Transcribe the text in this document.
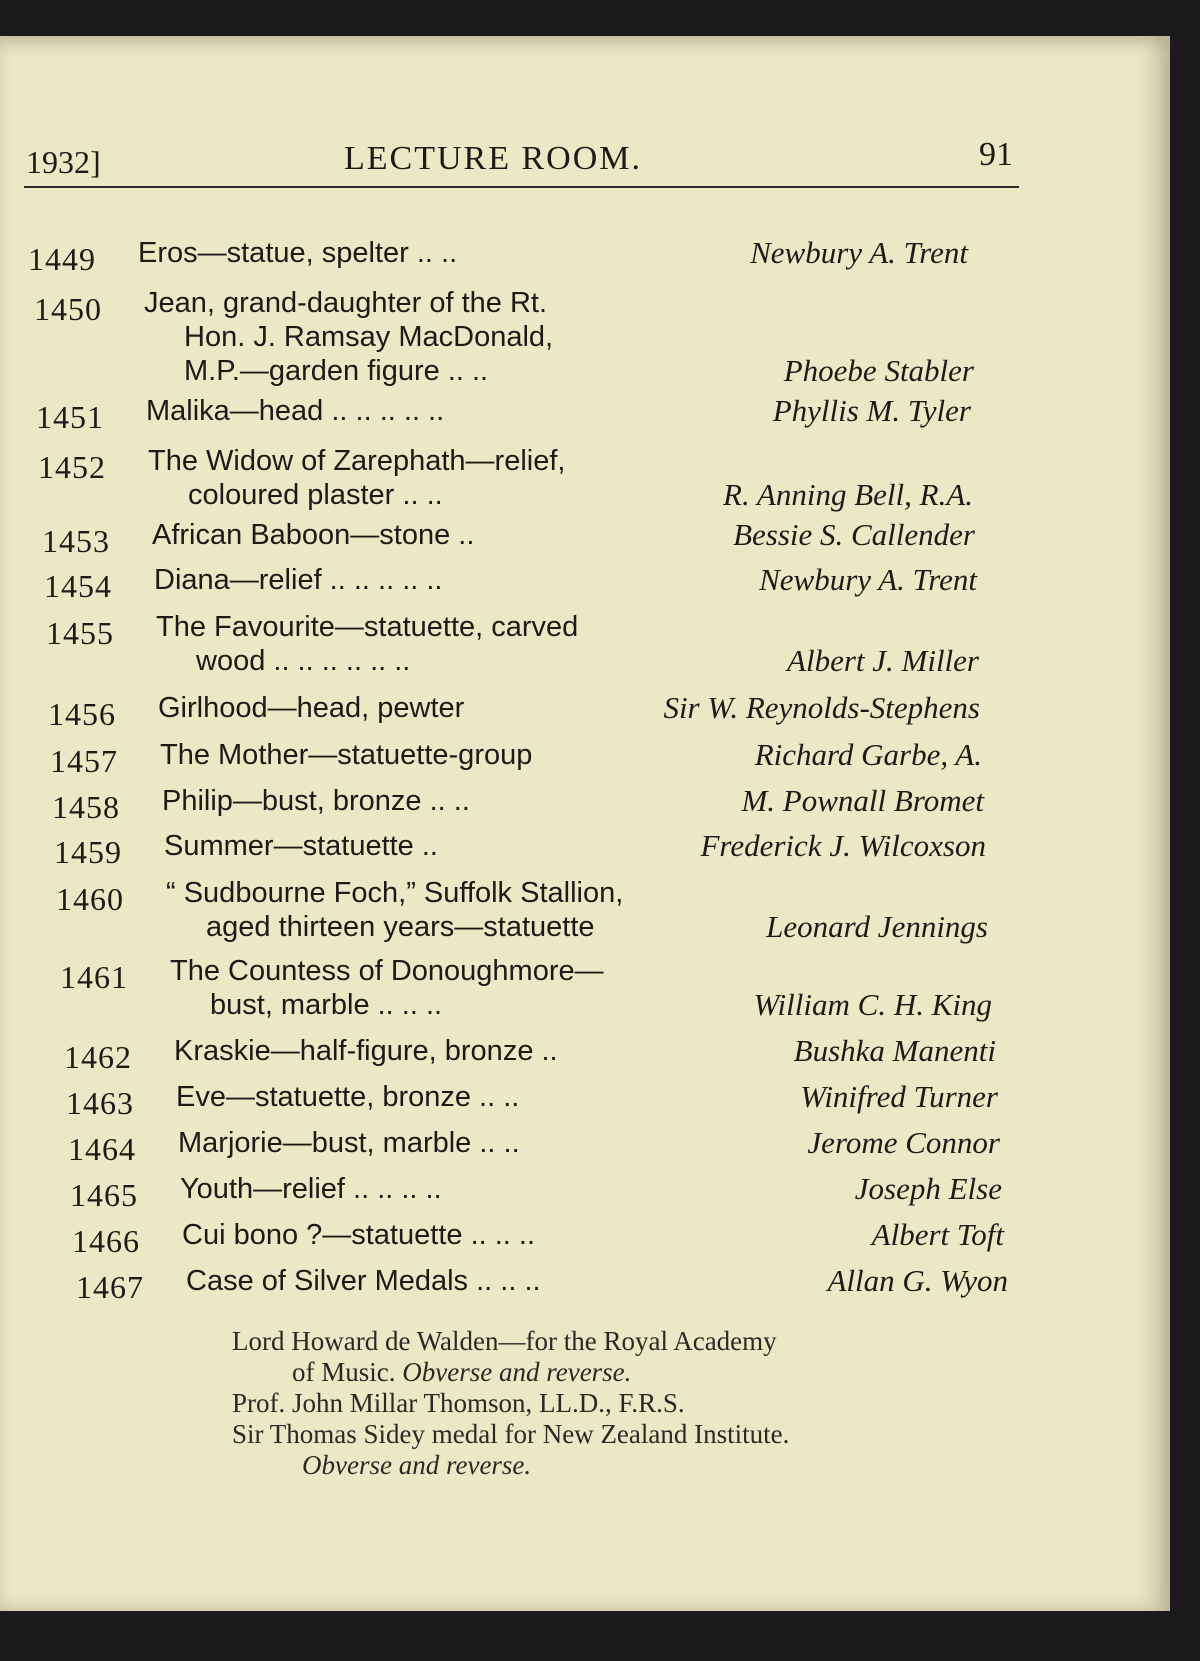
1932]	LECTURE ROOM.	91
1449	Eros—statue, spelter .. ..	Newbury A. Trent
1450	Jean, grand-daughter of the Rt.
Hon. J. Ramsay MacDonald,
M.P.—garden figure .. ..	Phoebe Stabler
1451	Malika—head .. .. .. .. ..	Phyllis M. Tyler
1452	The Widow of Zarephath—relief,
coloured plaster .. ..	R. Anning Bell, R.A.
1453	African Baboon—stone ..	Bessie S. Callender
1454	Diana—relief .. .. .. .. ..	Newbury A. Trent
1455	The Favourite—statuette, carved
wood .. .. .. .. .. ..	Albert J. Miller
1456	Girlhood—head, pewter	Sir W. Reynolds-Stephens
1457	The Mother—statuette-group	Richard Garbe, A.
1458	Philip—bust, bronze .. ..	M. Pownall Bromet
1459	Summer—statuette ..	Frederick J. Wilcoxson
1460	“ Sudbourne Foch,” Suffolk Stallion,
aged thirteen years—statuette	Leonard Jennings
1461	The Countess of Donoughmore—
bust, marble .. .. ..	William C. H. King
1462	Kraskie—half-figure, bronze ..	Bushka Manenti
1463	Eve—statuette, bronze .. ..	Winifred Turner
1464	Marjorie—bust, marble .. ..	Jerome Connor
1465	Youth—relief .. .. .. ..	Joseph Else
1466	Cui bono ?—statuette .. .. ..	Albert Toft
1467	Case of Silver Medals .. .. ..	Allan G. Wyon
Lord Howard de Walden—for the Royal Academy
of Music. Obverse and reverse.
Prof. John Millar Thomson, LL.D., F.R.S.
Sir Thomas Sidey medal for New Zealand Institute.
Obverse and reverse.
